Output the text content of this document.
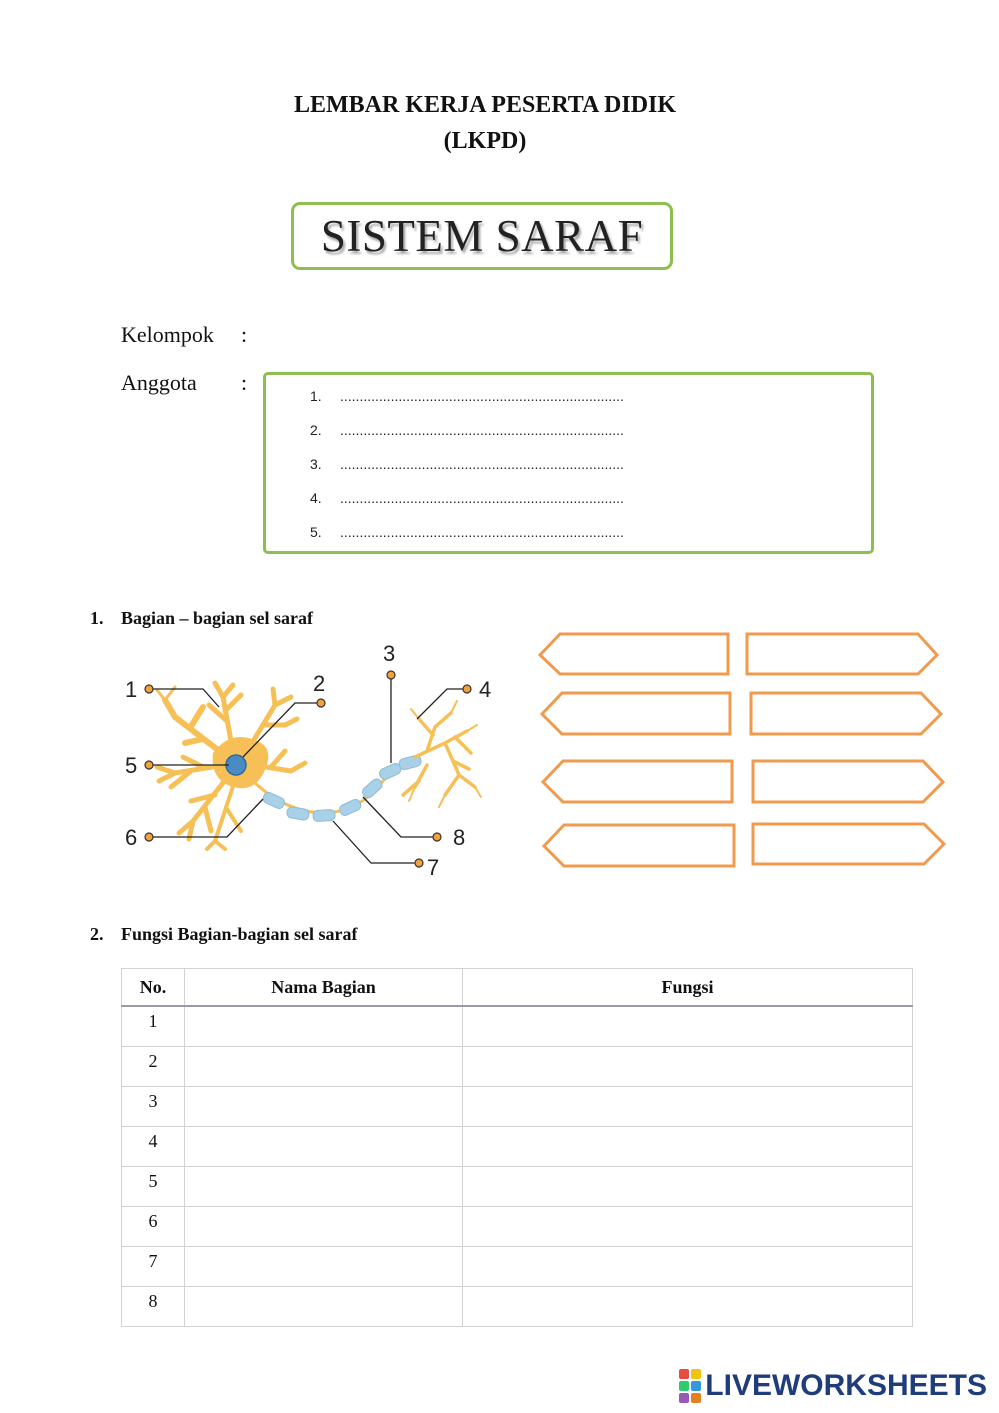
LEMBAR KERJA PESERTA DIDIK
(LKPD)
SISTEM SARAF
Kelompok :
Anggota :
1. .........................................................................
2. .........................................................................
3. .........................................................................
4. .........................................................................
5. .........................................................................
1. Bagian – bagian sel saraf
1	2
3
4
5
6
7
8
2. Fungsi Bagian-bagian sel saraf
No.	Nama Bagian	Fungsi
1		
2		
3		
4		
5		
6		
7		
8		
LIVEWORKSHEETS
